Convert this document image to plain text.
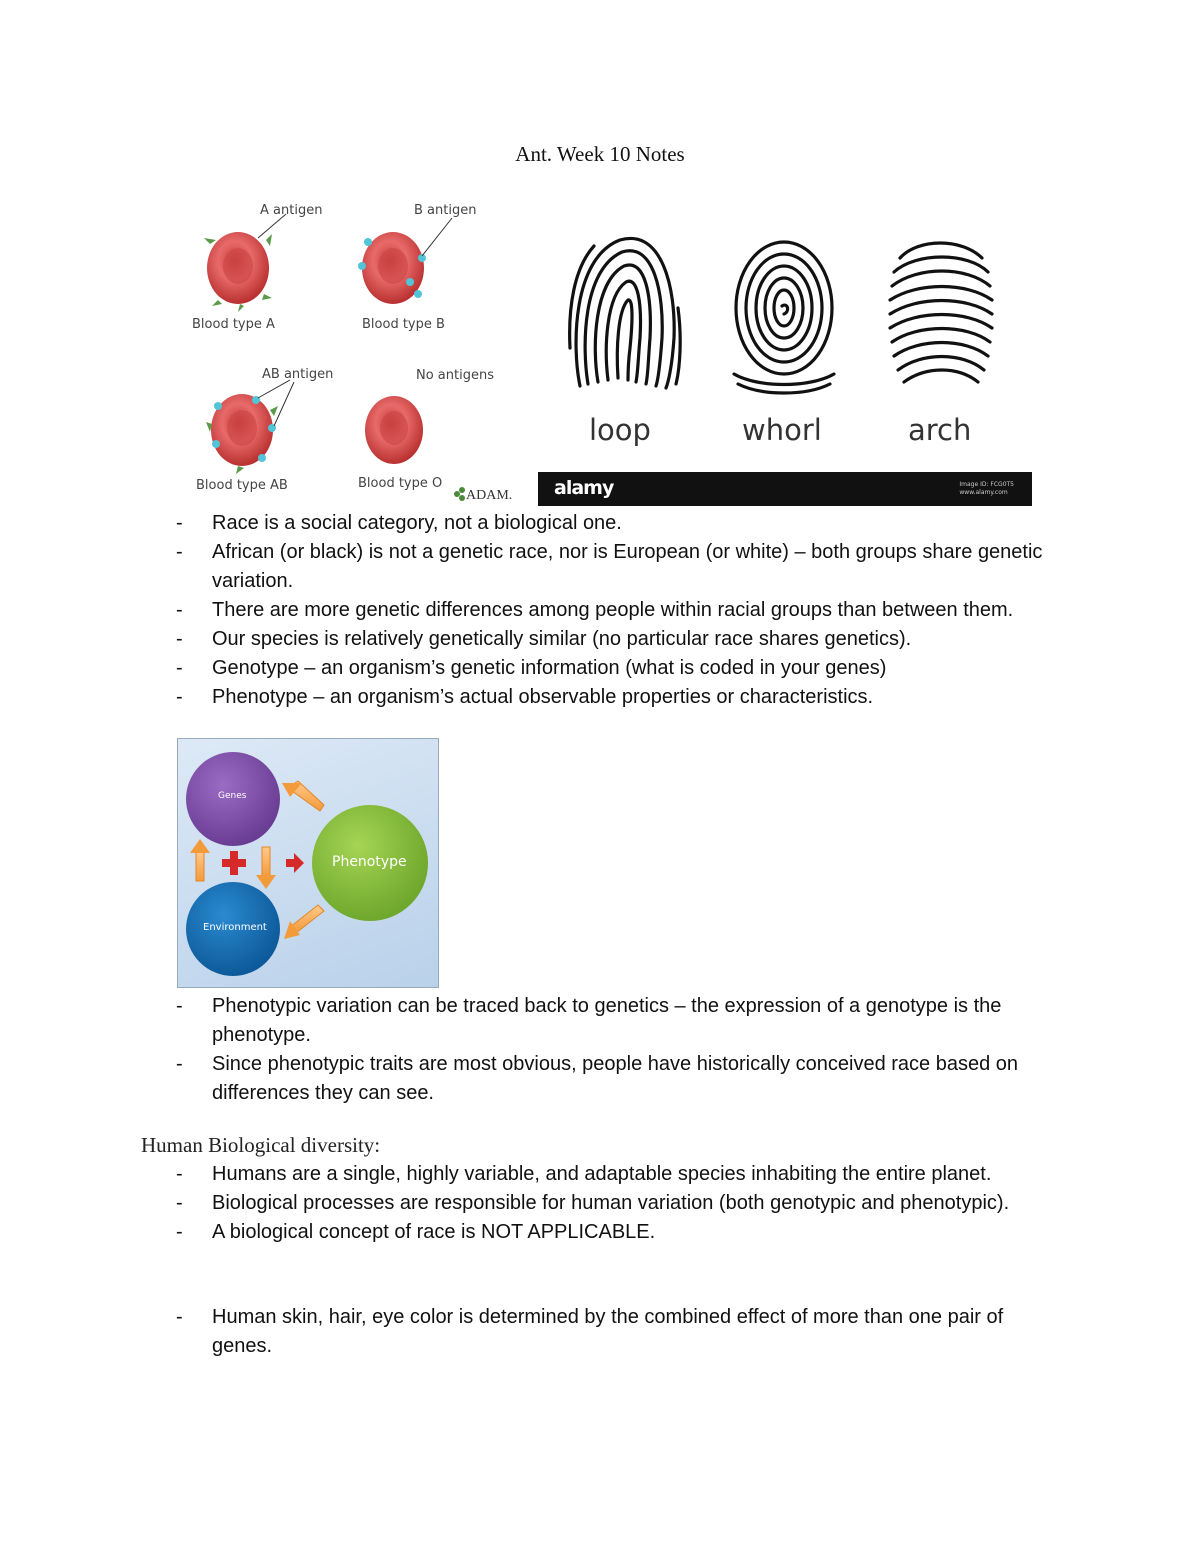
Ant. Week 10 Notes
A antigen	B antigen
Blood type A	Blood type B
AB antigen	No antigens
Blood type AB	Blood type O
ADAM.
loop	whorl	arch
alamy	Image ID: FCG0T5
www.alamy.com
- Race is a social category, not a biological one.
- African (or black) is not a genetic race, nor is European (or white) – both groups share genetic variation.
- There are more genetic differences among people within racial groups than between them.
- Our species is relatively genetically similar (no particular race shares genetics).
- Genotype – an organism’s genetic information (what is coded in your genes)
- Phenotype – an organism’s actual observable properties or characteristics.
Genes
Phenotype
Environment
- Phenotypic variation can be traced back to genetics – the expression of a genotype is the phenotype.
- Since phenotypic traits are most obvious, people have historically conceived race based on differences they can see.
Human Biological diversity:
- Humans are a single, highly variable, and adaptable species inhabiting the entire planet.
- Biological processes are responsible for human variation (both genotypic and phenotypic).
- A biological concept of race is NOT APPLICABLE.
- Human skin, hair, eye color is determined by the combined effect of more than one pair of genes.
